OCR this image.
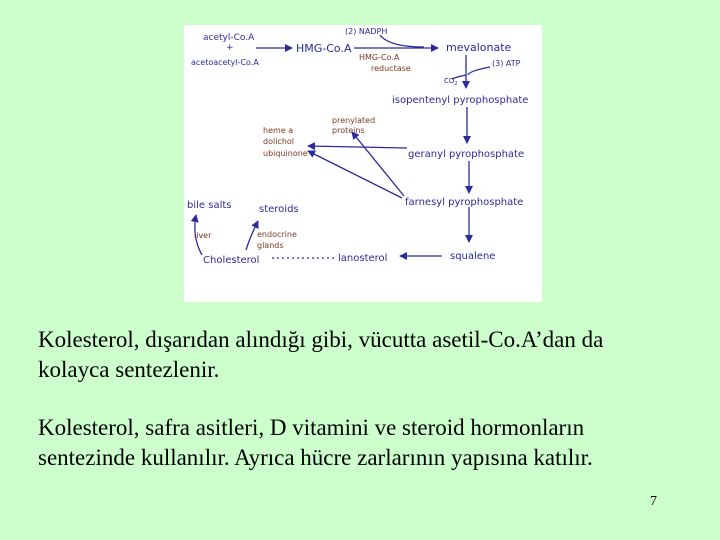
acetyl-Co.A
+
acetoacetyl-Co.A
HMG-Co.A
(2) NADPH
mevalonate
HMG-Co.A
reductase
(3) ATP
$CO_2$
isopentenyl pyrophosphate
prenylated
proteins
heme a
dolichol
ubiquinone	geranyl pyrophosphate
bile salts	steroids
farnesyl pyrophosphate
liver	endocrine
glands
Cholesterol	lanosterol	squalene

Kolesterol, dışarıdan alındığı gibi, vücutta asetil-Co.A’dan da kolayca sentezlenir.

Kolesterol, safra asitleri, D vitamini ve steroid hormonların sentezinde kullanılır. Ayrıca hücre zarlarının yapısına katılır.

7
